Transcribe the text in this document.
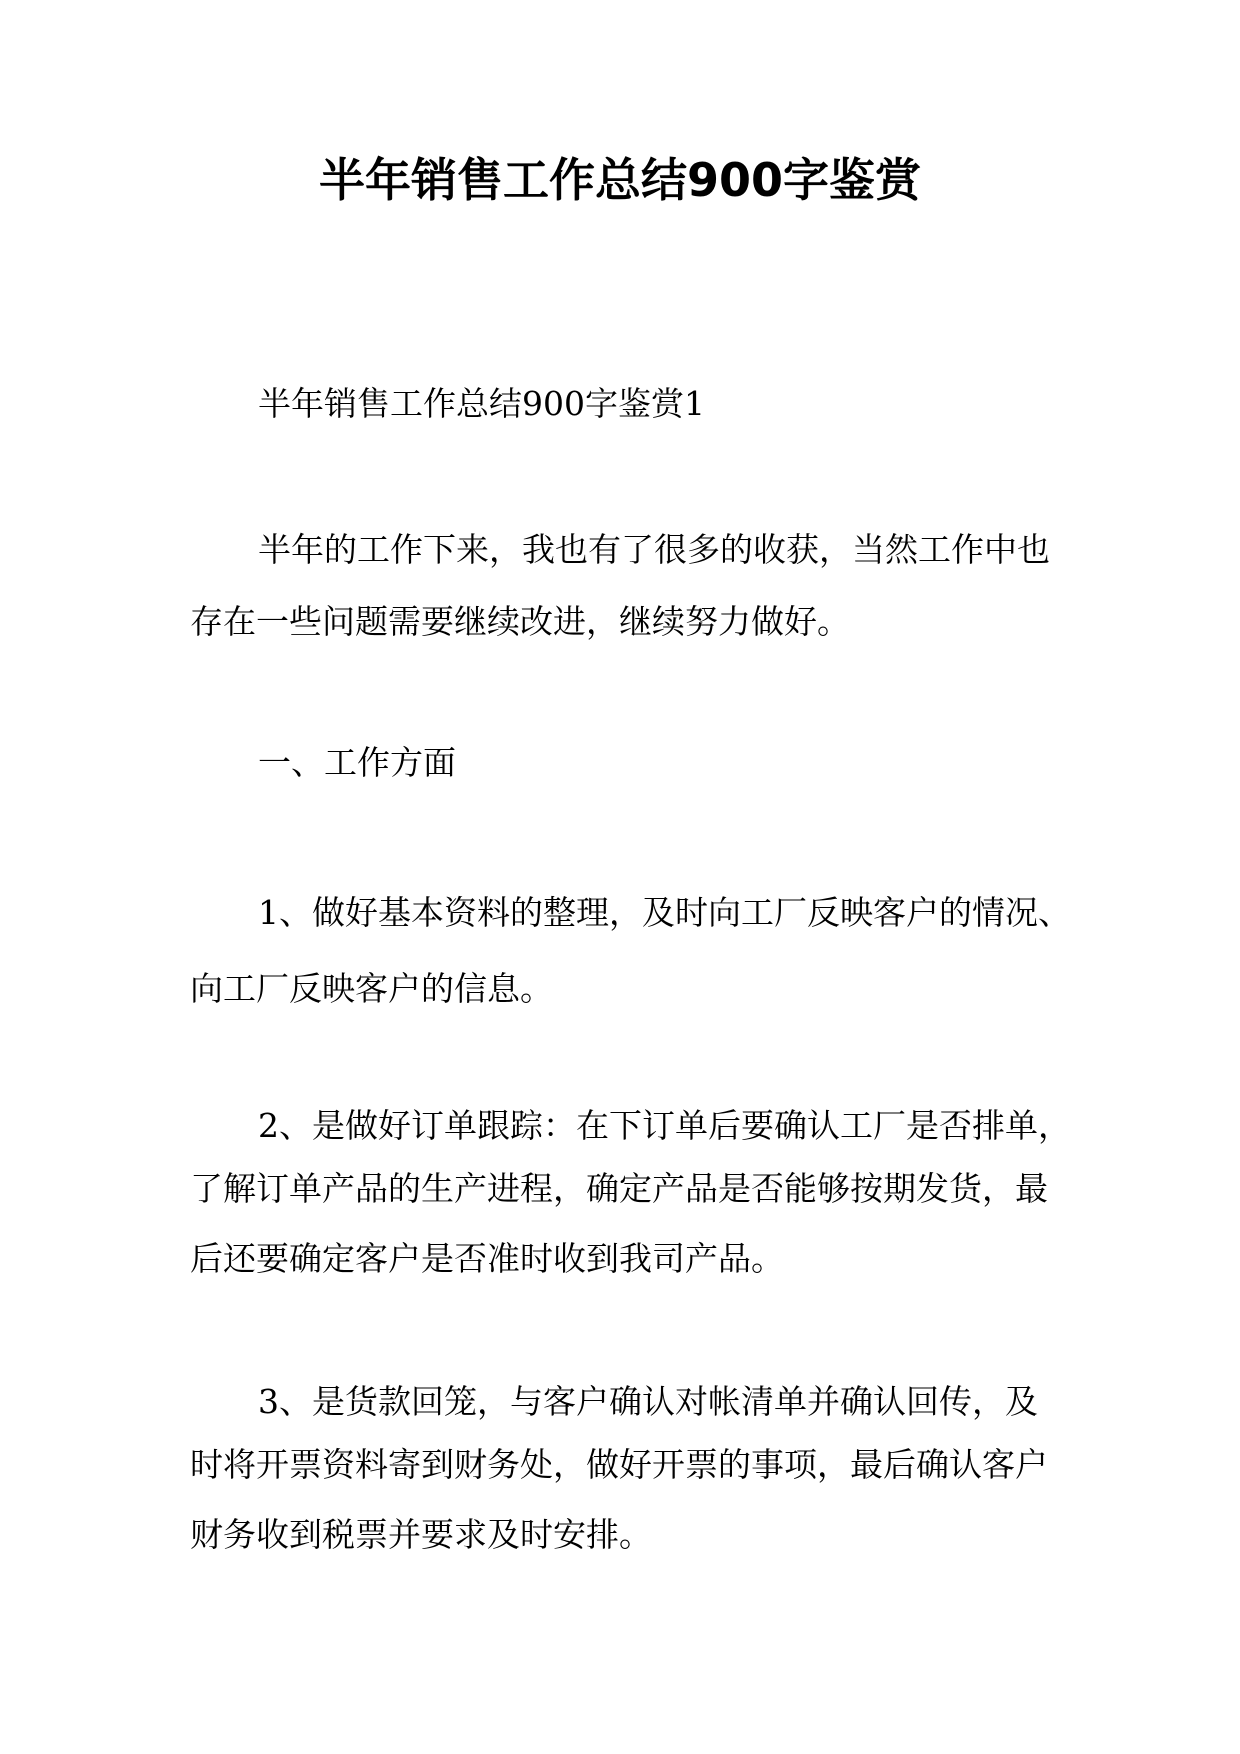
半年销售工作总结900字鉴赏
半年销售工作总结900字鉴赏1
半年的工作下来，我也有了很多的收获，当然工作中也
存在一些问题需要继续改进，继续努力做好。
一、工作方面
1、做好基本资料的整理，及时向工厂反映客户的情况、
向工厂反映客户的信息。
2、是做好订单跟踪：在下订单后要确认工厂是否排单，
了解订单产品的生产进程，确定产品是否能够按期发货，最
后还要确定客户是否准时收到我司产品。
3、是货款回笼，与客户确认对帐清单并确认回传，及
时将开票资料寄到财务处，做好开票的事项，最后确认客户
财务收到税票并要求及时安排。
